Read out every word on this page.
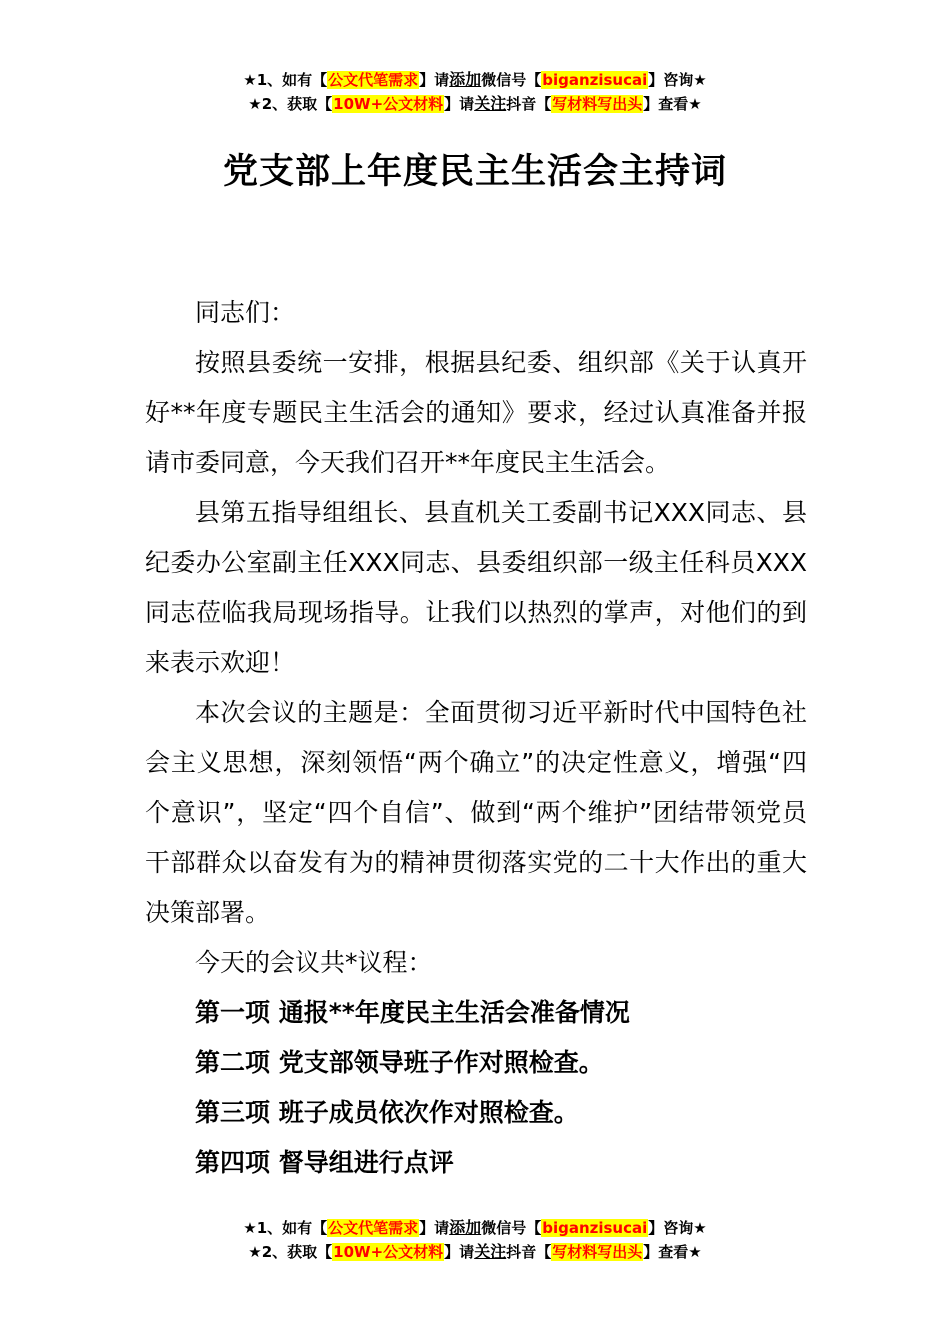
★1、如有【公文代笔需求】请添加微信号【biganzisucai】咨询★
★2、获取【10W+公文材料】请关注抖音【写材料写出头】查看★
党支部上年度民主生活会主持词

同志们：

按照县委统一安排，根据县纪委、组织部《关于认真开好**年度专题民主生活会的通知》要求，经过认真准备并报请市委同意，今天我们召开**年度民主生活会。

县第五指导组组长、县直机关工委副书记XXX同志、县纪委办公室副主任XXX同志、县委组织部一级主任科员XXX同志莅临我局现场指导。让我们以热烈的掌声，对他们的到来表示欢迎！

本次会议的主题是：全面贯彻习近平新时代中国特色社会主义思想，深刻领悟“两个确立”的决定性意义，增强“四个意识”，坚定“四个自信”、做到“两个维护”团结带领党员干部群众以奋发有为的精神贯彻落实党的二十大作出的重大决策部署。

今天的会议共*议程：

第一项 通报**年度民主生活会准备情况

第二项 党支部领导班子作对照检查。

第三项 班子成员依次作对照检查。

第四项 督导组进行点评

★1、如有【公文代笔需求】请添加微信号【biganzisucai】咨询★
★2、获取【10W+公文材料】请关注抖音【写材料写出头】查看★
